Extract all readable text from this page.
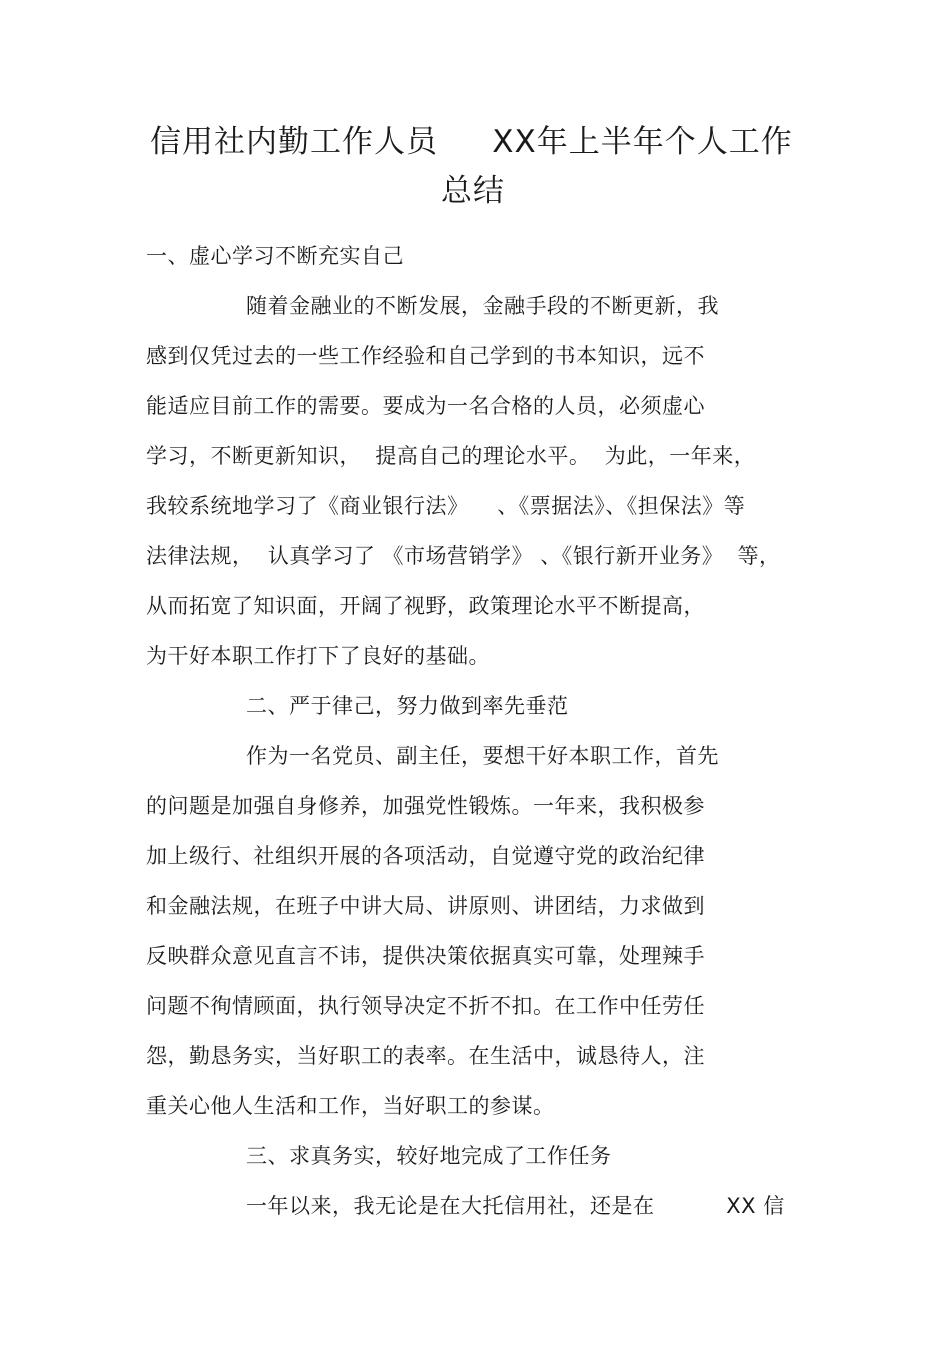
信用社内勤工作人员     XX年上半年个人工作
总结
一、虚心学习不断充实自己
随着金融业的不断发展，金融手段的不断更新，我
感到仅凭过去的一些工作经验和自己学到的书本知识，远不
能适应目前工作的需要。要成为一名合格的人员，必须虚心
学习，不断更新知识，  提高自己的理论水平。  为此，一年来，
我较系统地学习了《商业银行法》    、《票据法》、《担保法》等
法律法规，  认真学习了 《市场营销学》 、《银行新开业务》  等，
从而拓宽了知识面，开阔了视野，政策理论水平不断提高，
为干好本职工作打下了良好的基础。
二、严于律己，努力做到率先垂范
作为一名党员、副主任，要想干好本职工作，首先
的问题是加强自身修养，加强党性锻炼。一年来，我积极参
加上级行、社组织开展的各项活动，自觉遵守党的政治纪律
和金融法规，在班子中讲大局、讲原则、讲团结，力求做到
反映群众意见直言不讳，提供决策依据真实可靠，处理辣手
问题不徇情顾面，执行领导决定不折不扣。在工作中任劳任
怨，勤恳务实，当好职工的表率。在生活中，诚恳待人，注
重关心他人生活和工作，当好职工的参谋。
三、求真务实，较好地完成了工作任务
一年以来，我无论是在大托信用社，还是在          XX 信
